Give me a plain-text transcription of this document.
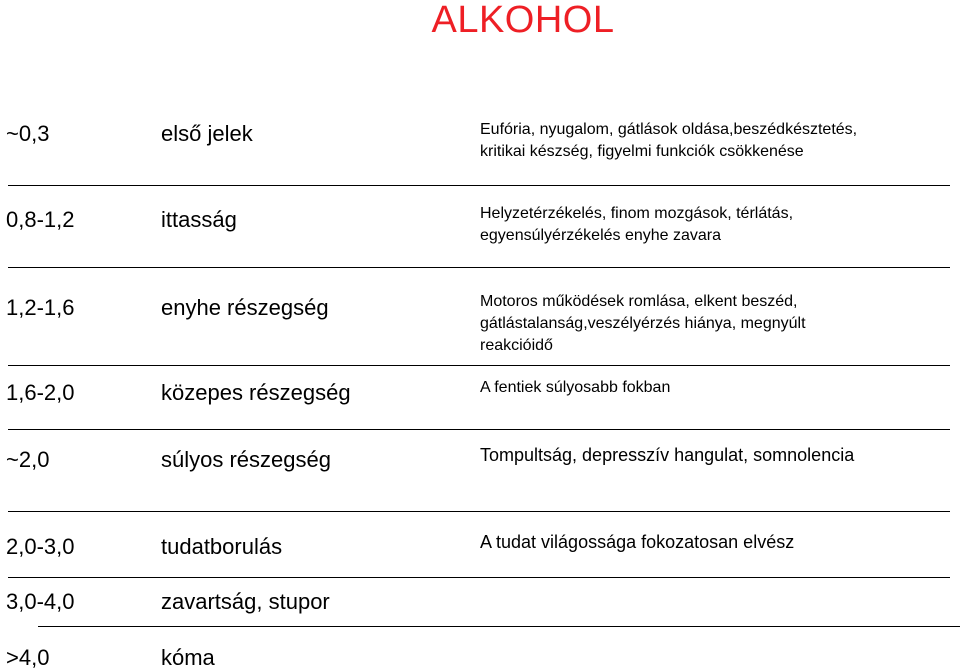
ALKOHOL
~0,3	első jelek	Eufória, nyugalom, gátlások oldása,beszédkésztetés,
kritikai készség, figyelmi funkciók csökkenése
0,8-1,2	ittasság	Helyzetérzékelés, finom mozgások, térlátás,
egyensúlyérzékelés enyhe zavara
1,2-1,6	enyhe részegség	Motoros működések romlása, elkent beszéd,
gátlástalanság,veszélyérzés hiánya, megnyúlt
reakcióidő
1,6-2,0	közepes részegség	A fentiek súlyosabb fokban
~2,0	súlyos részegség	Tompultság, depresszív hangulat, somnolencia
2,0-3,0	tudatborulás	A tudat világossága fokozatosan elvész
3,0-4,0	zavartság, stupor
>4,0	kóma
